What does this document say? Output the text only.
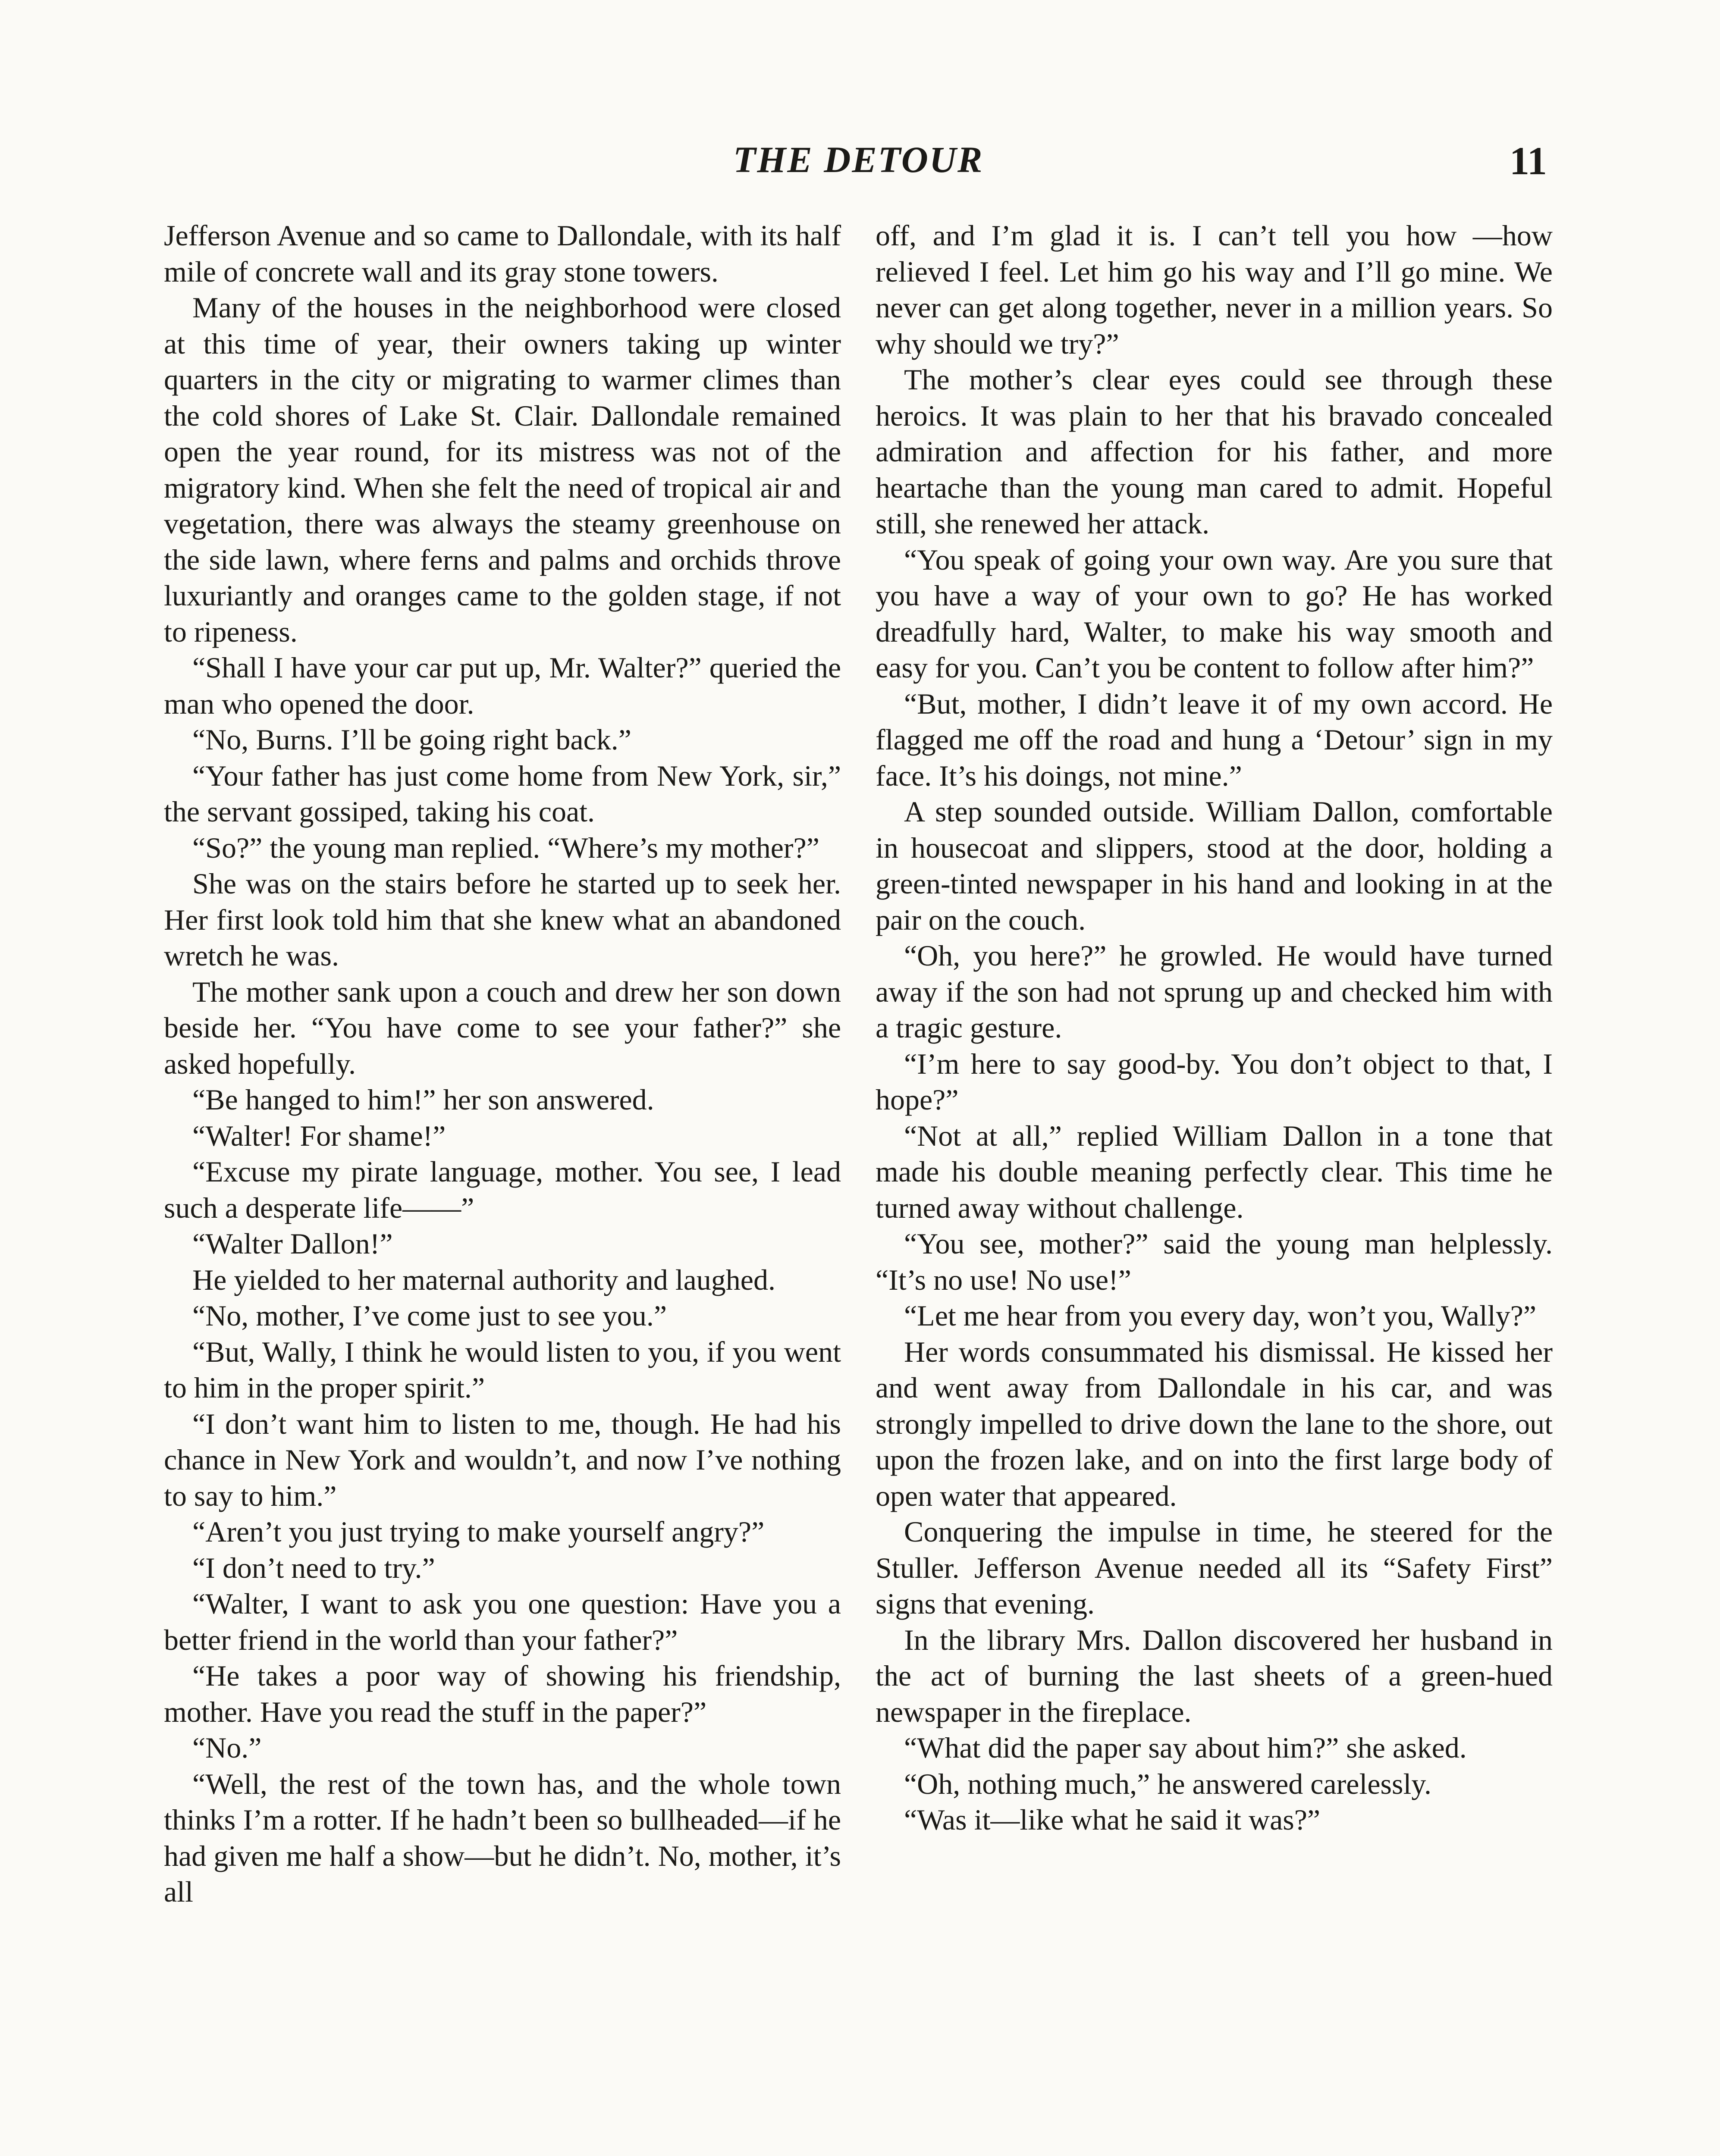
THE DETOUR	11

Jefferson Avenue and so came to Dallondale, with its half mile of concrete wall and its gray stone towers.

Many of the houses in the neighborhood were closed at this time of year, their owners taking up winter quarters in the city or migrating to warmer climes than the cold shores of Lake St. Clair. Dallondale remained open the year round, for its mistress was not of the migratory kind. When she felt the need of tropical air and vegetation, there was always the steamy greenhouse on the side lawn, where ferns and palms and orchids throve luxuriantly and oranges came to the golden stage, if not to ripeness.

“Shall I have your car put up, Mr. Walter?” queried the man who opened the door.

“No, Burns. I’ll be going right back.”

“Your father has just come home from New York, sir,” the servant gossiped, taking his coat.

“So?” the young man replied. “Where’s my mother?”

She was on the stairs before he started up to seek her. Her first look told him that she knew what an abandoned wretch he was.

The mother sank upon a couch and drew her son down beside her. “You have come to see your father?” she asked hopefully.

“Be hanged to him!” her son answered.

“Walter! For shame!”

“Excuse my pirate language, mother. You see, I lead such a desperate life——”

“Walter Dallon!”

He yielded to her maternal authority and laughed.

“No, mother, I’ve come just to see you.”

“But, Wally, I think he would listen to you, if you went to him in the proper spirit.”

“I don’t want him to listen to me, though. He had his chance in New York and wouldn’t, and now I’ve nothing to say to him.”

“Aren’t you just trying to make yourself angry?”

“I don’t need to try.”

“Walter, I want to ask you one question: Have you a better friend in the world than your father?”

“He takes a poor way of showing his friendship, mother. Have you read the stuff in the paper?”

“No.”

“Well, the rest of the town has, and the whole town thinks I’m a rotter. If he hadn’t been so bullheaded—if he had given me half a show—but he didn’t. No, mother, it’s all

off, and I’m glad it is. I can’t tell you how —how relieved I feel. Let him go his way and I’ll go mine. We never can get along together, never in a million years. So why should we try?”

The mother’s clear eyes could see through these heroics. It was plain to her that his bravado concealed admiration and affection for his father, and more heartache than the young man cared to admit. Hopeful still, she renewed her attack.

“You speak of going your own way. Are you sure that you have a way of your own to go? He has worked dreadfully hard, Walter, to make his way smooth and easy for you. Can’t you be content to follow after him?”

“But, mother, I didn’t leave it of my own accord. He flagged me off the road and hung a ‘Detour’ sign in my face. It’s his doings, not mine.”

A step sounded outside. William Dallon, comfortable in housecoat and slippers, stood at the door, holding a green-tinted newspaper in his hand and looking in at the pair on the couch.

“Oh, you here?” he growled. He would have turned away if the son had not sprung up and checked him with a tragic gesture.

“I’m here to say good-by. You don’t object to that, I hope?”

“Not at all,” replied William Dallon in a tone that made his double meaning perfectly clear. This time he turned away without challenge.

“You see, mother?” said the young man helplessly. “It’s no use! No use!”

“Let me hear from you every day, won’t you, Wally?”

Her words consummated his dismissal. He kissed her and went away from Dallondale in his car, and was strongly impelled to drive down the lane to the shore, out upon the frozen lake, and on into the first large body of open water that appeared.

Conquering the impulse in time, he steered for the Stuller. Jefferson Avenue needed all its “Safety First” signs that evening.

In the library Mrs. Dallon discovered her husband in the act of burning the last sheets of a green-hued newspaper in the fireplace.

“What did the paper say about him?” she asked.

“Oh, nothing much,” he answered carelessly.

“Was it—like what he said it was?”
